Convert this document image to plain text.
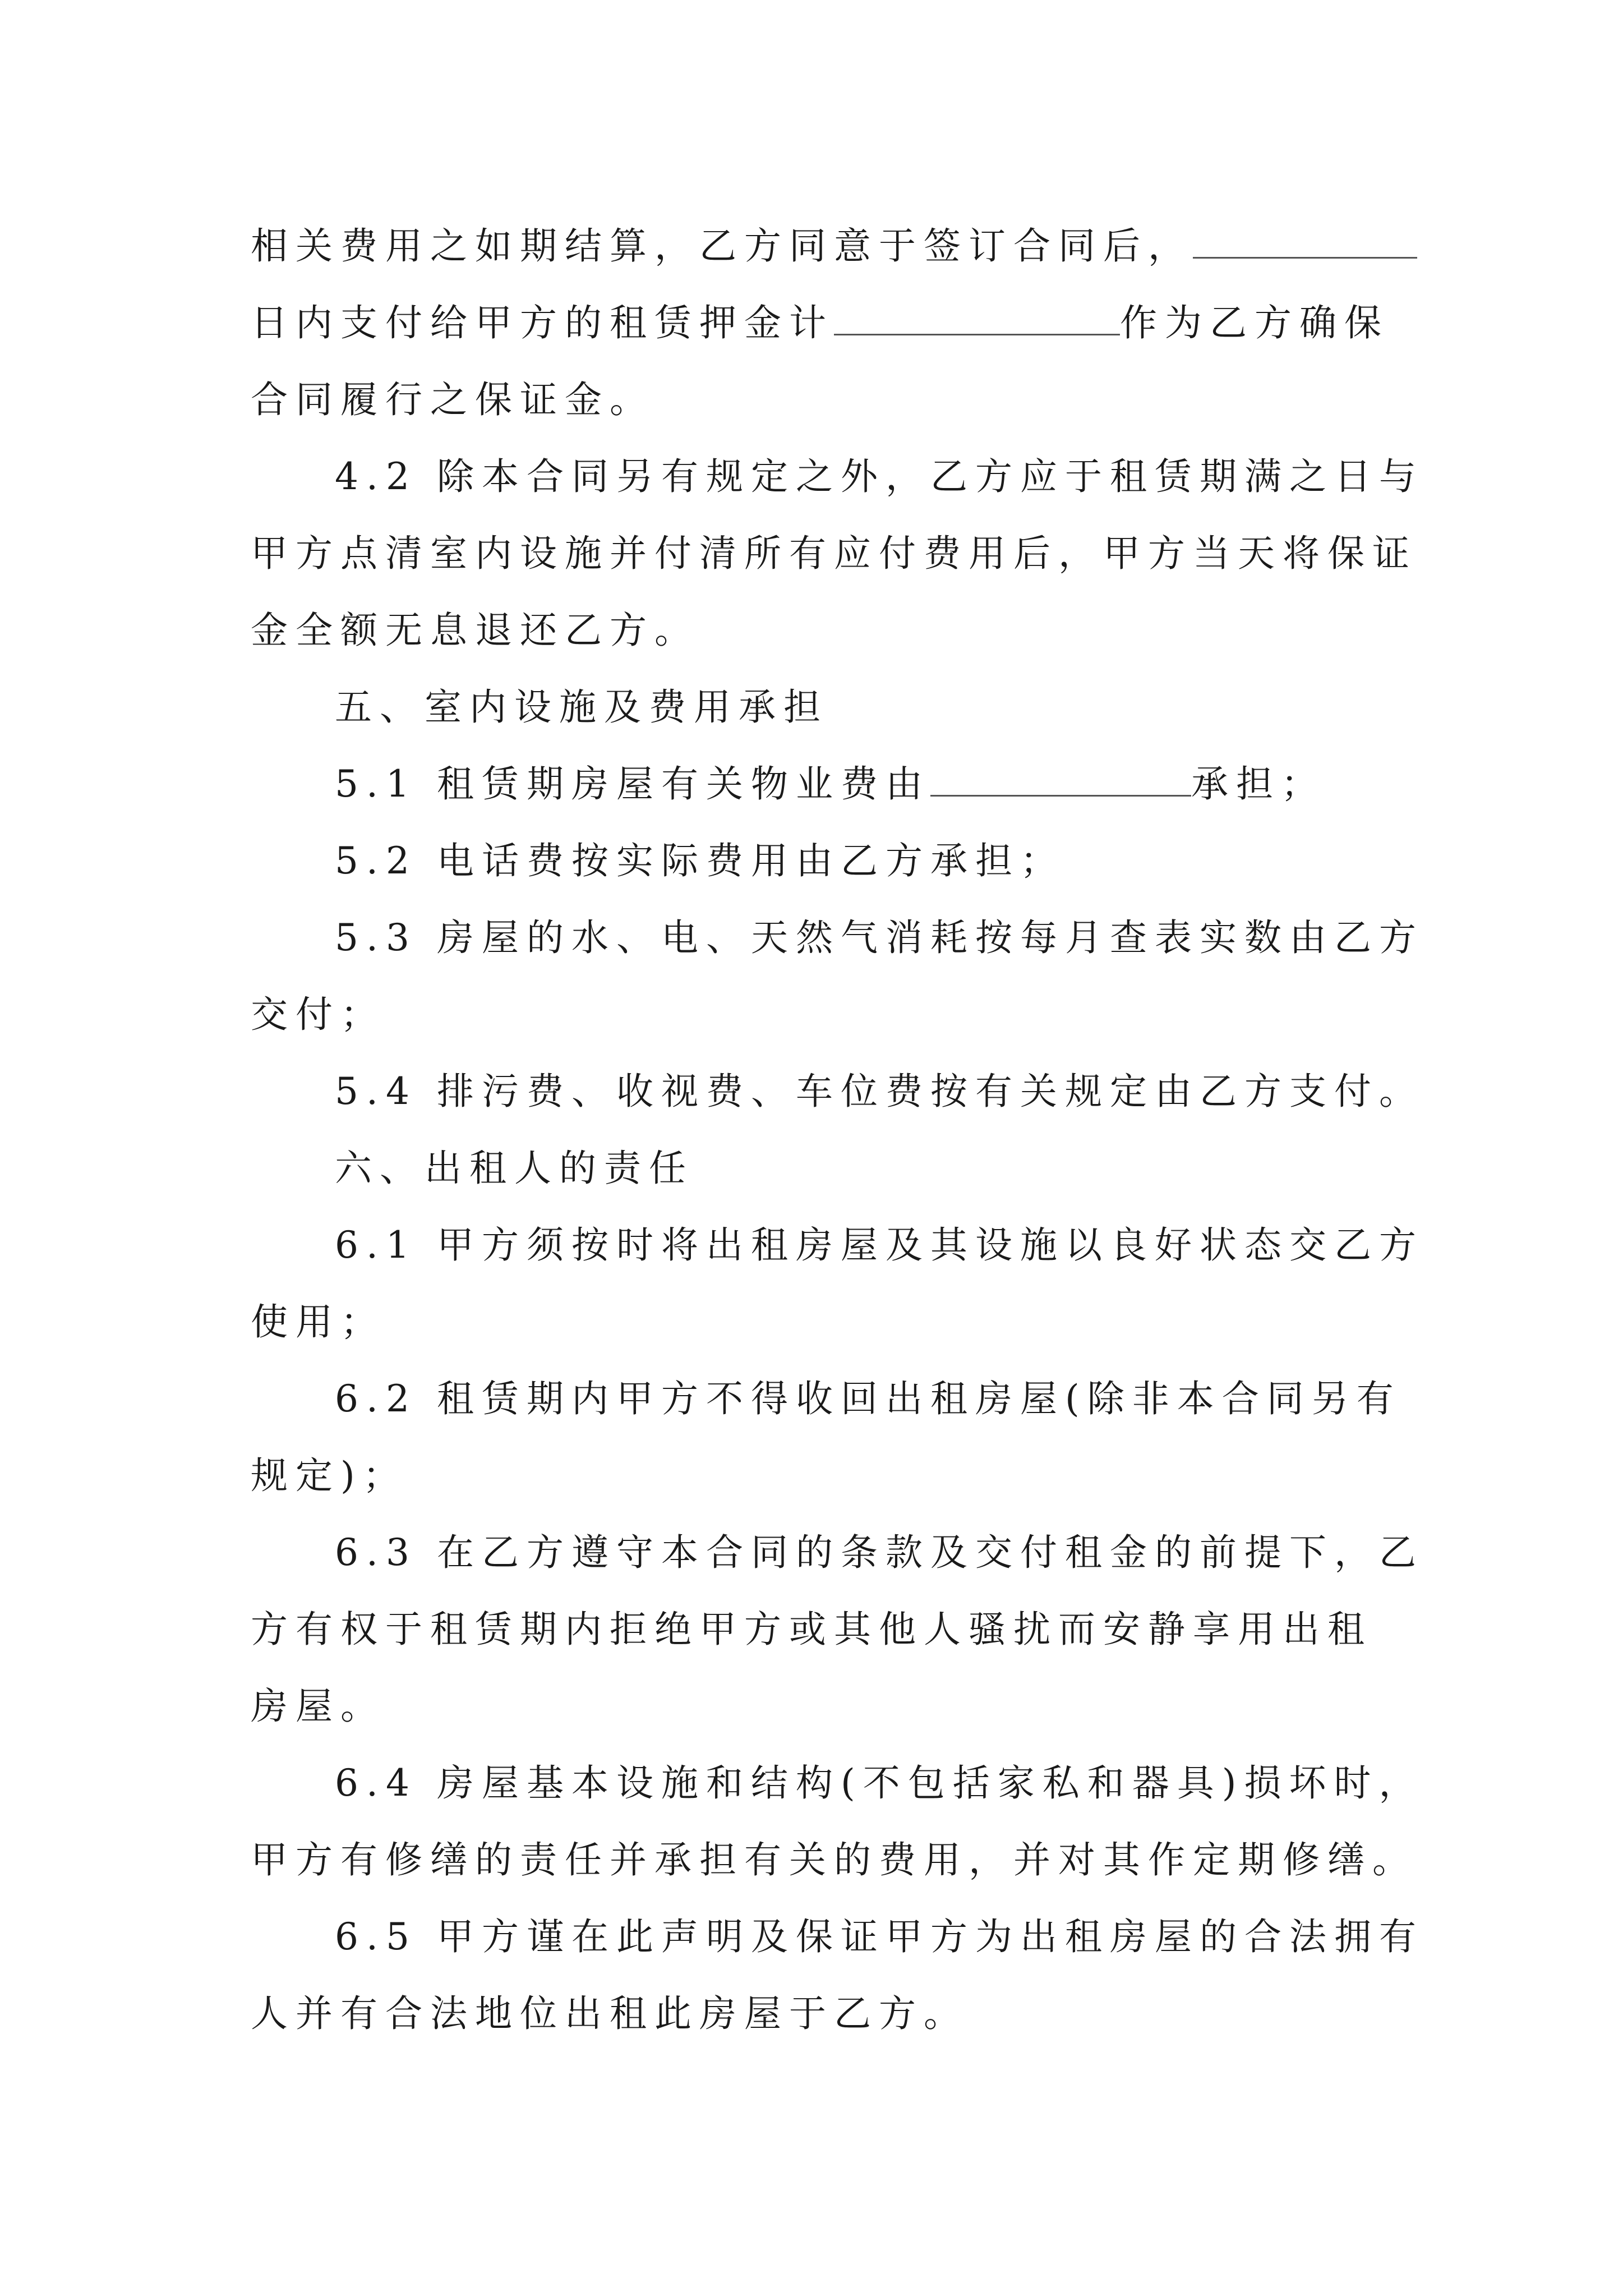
相关费用之如期结算，乙方同意于签订合同后，
日内支付给甲方的租赁押金计	作为乙方确保
合同履行之保证金。
4.2 除本合同另有规定之外，乙方应于租赁期满之日与
甲方点清室内设施并付清所有应付费用后，甲方当天将保证
金全额无息退还乙方。
五、室内设施及费用承担
5.1 租赁期房屋有关物业费由	承担；
5.2 电话费按实际费用由乙方承担；
5.3 房屋的水、电、天然气消耗按每月查表实数由乙方
交付；
5.4 排污费、收视费、车位费按有关规定由乙方支付。
六、出租人的责任
6.1 甲方须按时将出租房屋及其设施以良好状态交乙方
使用；
6.2 租赁期内甲方不得收回出租房屋(除非本合同另有
规定)；
6.3 在乙方遵守本合同的条款及交付租金的前提下，乙
方有权于租赁期内拒绝甲方或其他人骚扰而安静享用出租
房屋。
6.4 房屋基本设施和结构(不包括家私和器具)损坏时，
甲方有修缮的责任并承担有关的费用，并对其作定期修缮。
6.5 甲方谨在此声明及保证甲方为出租房屋的合法拥有
人并有合法地位出租此房屋于乙方。
